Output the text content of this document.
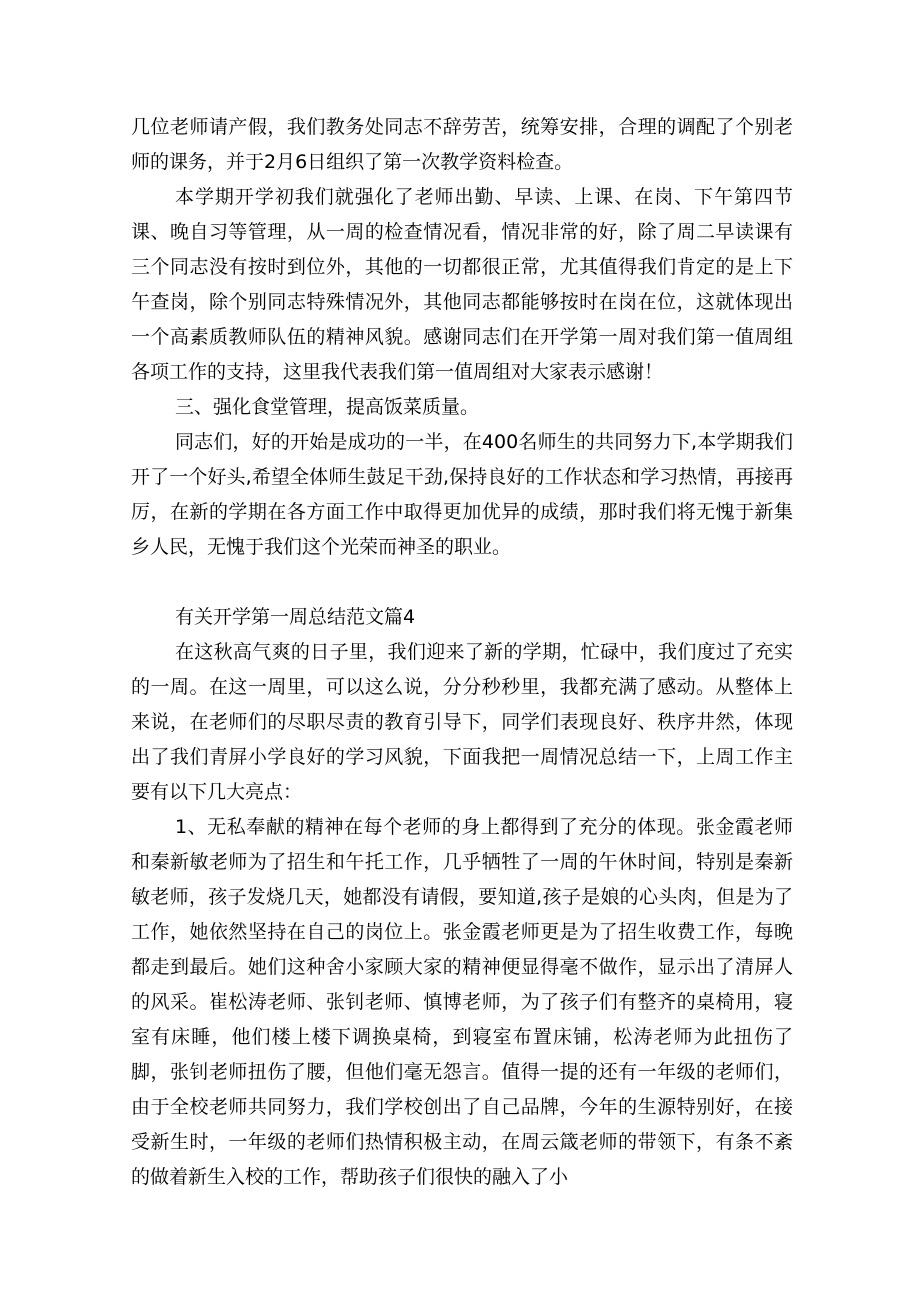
几位老师请产假，我们教务处同志不辞劳苦，统筹安排，合理的调配了个别老师的课务，并于2月6日组织了第一次教学资料检查。

本学期开学初我们就强化了老师出勤、早读、上课、在岗、下午第四节课、晚自习等管理，从一周的检查情况看，情况非常的好，除了周二早读课有三个同志没有按时到位外，其他的一切都很正常，尤其值得我们肯定的是上下午查岗，除个别同志特殊情况外，其他同志都能够按时在岗在位，这就体现出一个高素质教师队伍的精神风貌。感谢同志们在开学第一周对我们第一值周组各项工作的支持，这里我代表我们第一值周组对大家表示感谢！

三、强化食堂管理，提高饭菜质量。

同志们，好的开始是成功的一半，在400名师生的共同努力下,本学期我们开了一个好头,希望全体师生鼓足干劲,保持良好的工作状态和学习热情，再接再厉，在新的学期在各方面工作中取得更加优异的成绩，那时我们将无愧于新集乡人民，无愧于我们这个光荣而神圣的职业。

有关开学第一周总结范文篇4

在这秋高气爽的日子里，我们迎来了新的学期，忙碌中，我们度过了充实的一周。在这一周里，可以这么说，分分秒秒里，我都充满了感动。从整体上来说，在老师们的尽职尽责的教育引导下，同学们表现良好、秩序井然，体现出了我们青屏小学良好的学习风貌，下面我把一周情况总结一下，上周工作主要有以下几大亮点：

1、无私奉献的精神在每个老师的身上都得到了充分的体现。张金霞老师和秦新敏老师为了招生和午托工作，几乎牺牲了一周的午休时间，特别是秦新敏老师，孩子发烧几天，她都没有请假，要知道,孩子是娘的心头肉，但是为了工作，她依然坚持在自己的岗位上。张金霞老师更是为了招生收费工作，每晚都走到最后。她们这种舍小家顾大家的精神便显得毫不做作，显示出了清屏人的风采。崔松涛老师、张钊老师、慎博老师，为了孩子们有整齐的桌椅用，寝室有床睡，他们楼上楼下调换桌椅，到寝室布置床铺，松涛老师为此扭伤了脚，张钊老师扭伤了腰，但他们毫无怨言。值得一提的还有一年级的老师们，由于全校老师共同努力，我们学校创出了自己品牌，今年的生源特别好，在接受新生时，一年级的老师们热情积极主动，在周云箴老师的带领下，有条不紊的做着新生入校的工作，帮助孩子们很快的融入了小
